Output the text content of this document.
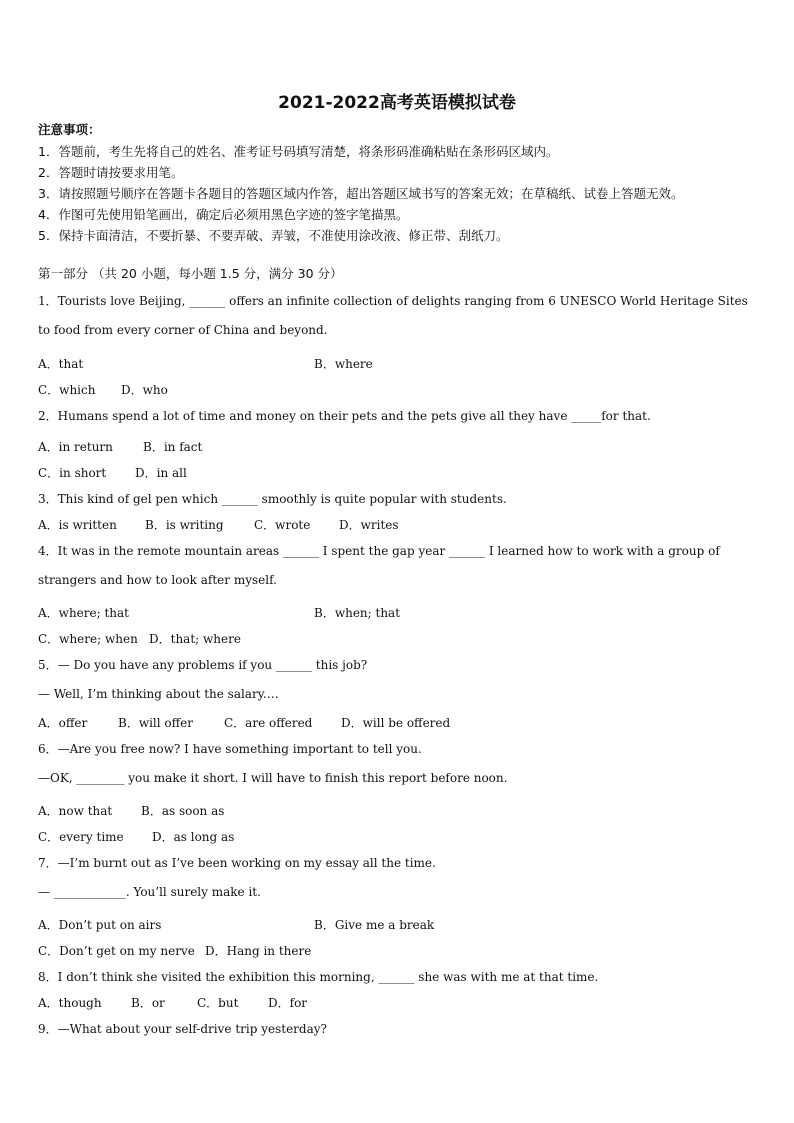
2021-2022高考英语模拟试卷
注意事项：
1．答题前，考生先将自己的姓名、准考证号码填写清楚，将条形码准确粘贴在条形码区域内。
2．答题时请按要求用笔。
3．请按照题号顺序在答题卡各题目的答题区域内作答，超出答题区域书写的答案无效；在草稿纸、试卷上答题无效。
4．作图可先使用铅笔画出，确定后必须用黑色字迹的签字笔描黑。
5．保持卡面清洁，不要折暴、不要弄破、弄皱，不准使用涂改液、修正带、刮纸刀。
第一部分 （共 20 小题，每小题 1.5 分，满分 30 分）
1．Tourists love Beijing, ______ offers an infinite collection of delights ranging from 6 UNESCO World Heritage Sites
to food from every corner of China and beyond.
A．that	B．where
C．which D．who
2．Humans spend a lot of time and money on their pets and the pets give all they have _____for that.
A．in return	B．in fact
C．in short D．in all
3．This kind of gel pen which ______ smoothly is quite popular with students.
A．is written B．is writing	C．wrote D．writes
4．It was in the remote mountain areas ______ I spent the gap year ______ I learned how to work with a group of
strangers and how to look after myself.
A．where; that	B．when; that
C．where; when D．that; where
5．— Do you have any problems if you ______ this job?
— Well, I’m thinking about the salary.…
A．offer	B．will offer	C．are offered D．will be offered
6．—Are you free now? I have something important to tell you.
—OK, ________ you make it short. I will have to finish this report before noon.
A．now that B．as soon as
C．every time D．as long as
7．—I’m burnt out as I’ve been working on my essay all the time.
— ____________. You’ll surely make it.
A．Don’t put on airs	B．Give me a break
C．Don’t get on my nerve D．Hang in there
8．I don’t think she visited the exhibition this morning, ______ she was with me at that time.
A．though B．or	C．but D．for
9．—What about your self-drive trip yesterday?
